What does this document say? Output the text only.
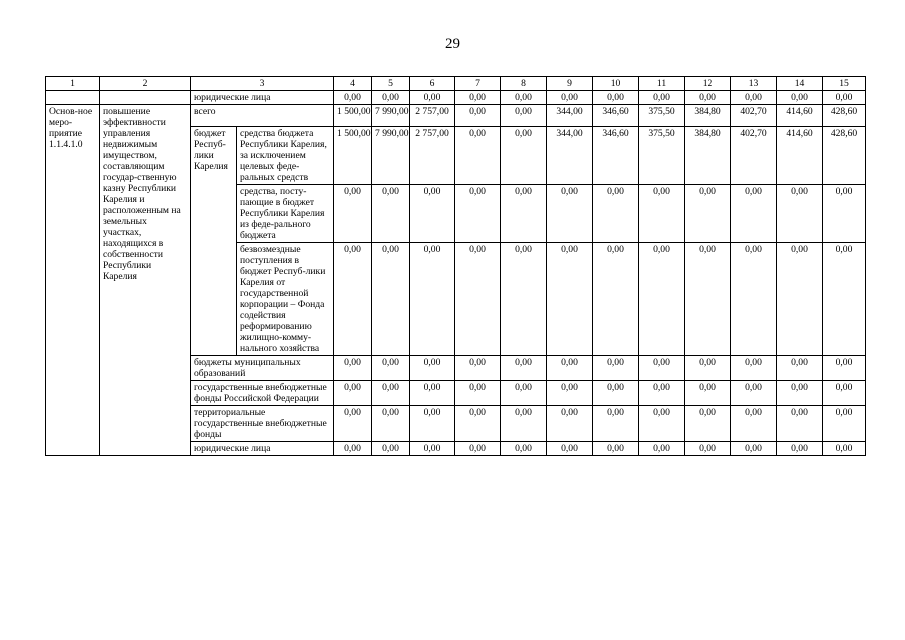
29
1	2	3		4	5	6	7	8	9	10	11	12	13	14	15
		юридические лица		0,00	0,00	0,00	0,00	0,00	0,00	0,00	0,00	0,00	0,00	0,00	0,00
Основ-ное меро-приятие 1.1.4.1.0	повышение эффективности управления недвижимым имуществом, составляющим государ-ственную казну Республики Карелия и расположенным на земельных участках, находящихся в собственности Республики Карелия	всего		1 500,00	7 990,00	2 757,00	0,00	0,00	344,00	346,60	375,50	384,80	402,70	414,60	428,60
		бюджет Респуб-лики Карелия	средства бюджета Республики Карелия, за исключением целевых феде-ральных средств	1 500,00	7 990,00	2 757,00	0,00	0,00	344,00	346,60	375,50	384,80	402,70	414,60	428,60
			средства, посту-пающие в бюджет Республики Карелия из феде-рального бюджета	0,00	0,00	0,00	0,00	0,00	0,00	0,00	0,00	0,00	0,00	0,00	0,00
			безвозмездные поступления в бюджет Респуб-лики Карелия от государственной корпорации – Фонда содействия реформированию жилищно-комму-нального хозяйства	0,00	0,00	0,00	0,00	0,00	0,00	0,00	0,00	0,00	0,00	0,00	0,00
		бюджеты муниципальных образований		0,00	0,00	0,00	0,00	0,00	0,00	0,00	0,00	0,00	0,00	0,00	0,00
		государственные внебюджетные фонды Российской Федерации		0,00	0,00	0,00	0,00	0,00	0,00	0,00	0,00	0,00	0,00	0,00	0,00
		территориальные государственные внебюджетные фонды		0,00	0,00	0,00	0,00	0,00	0,00	0,00	0,00	0,00	0,00	0,00	0,00
		юридические лица		0,00	0,00	0,00	0,00	0,00	0,00	0,00	0,00	0,00	0,00	0,00	0,00
